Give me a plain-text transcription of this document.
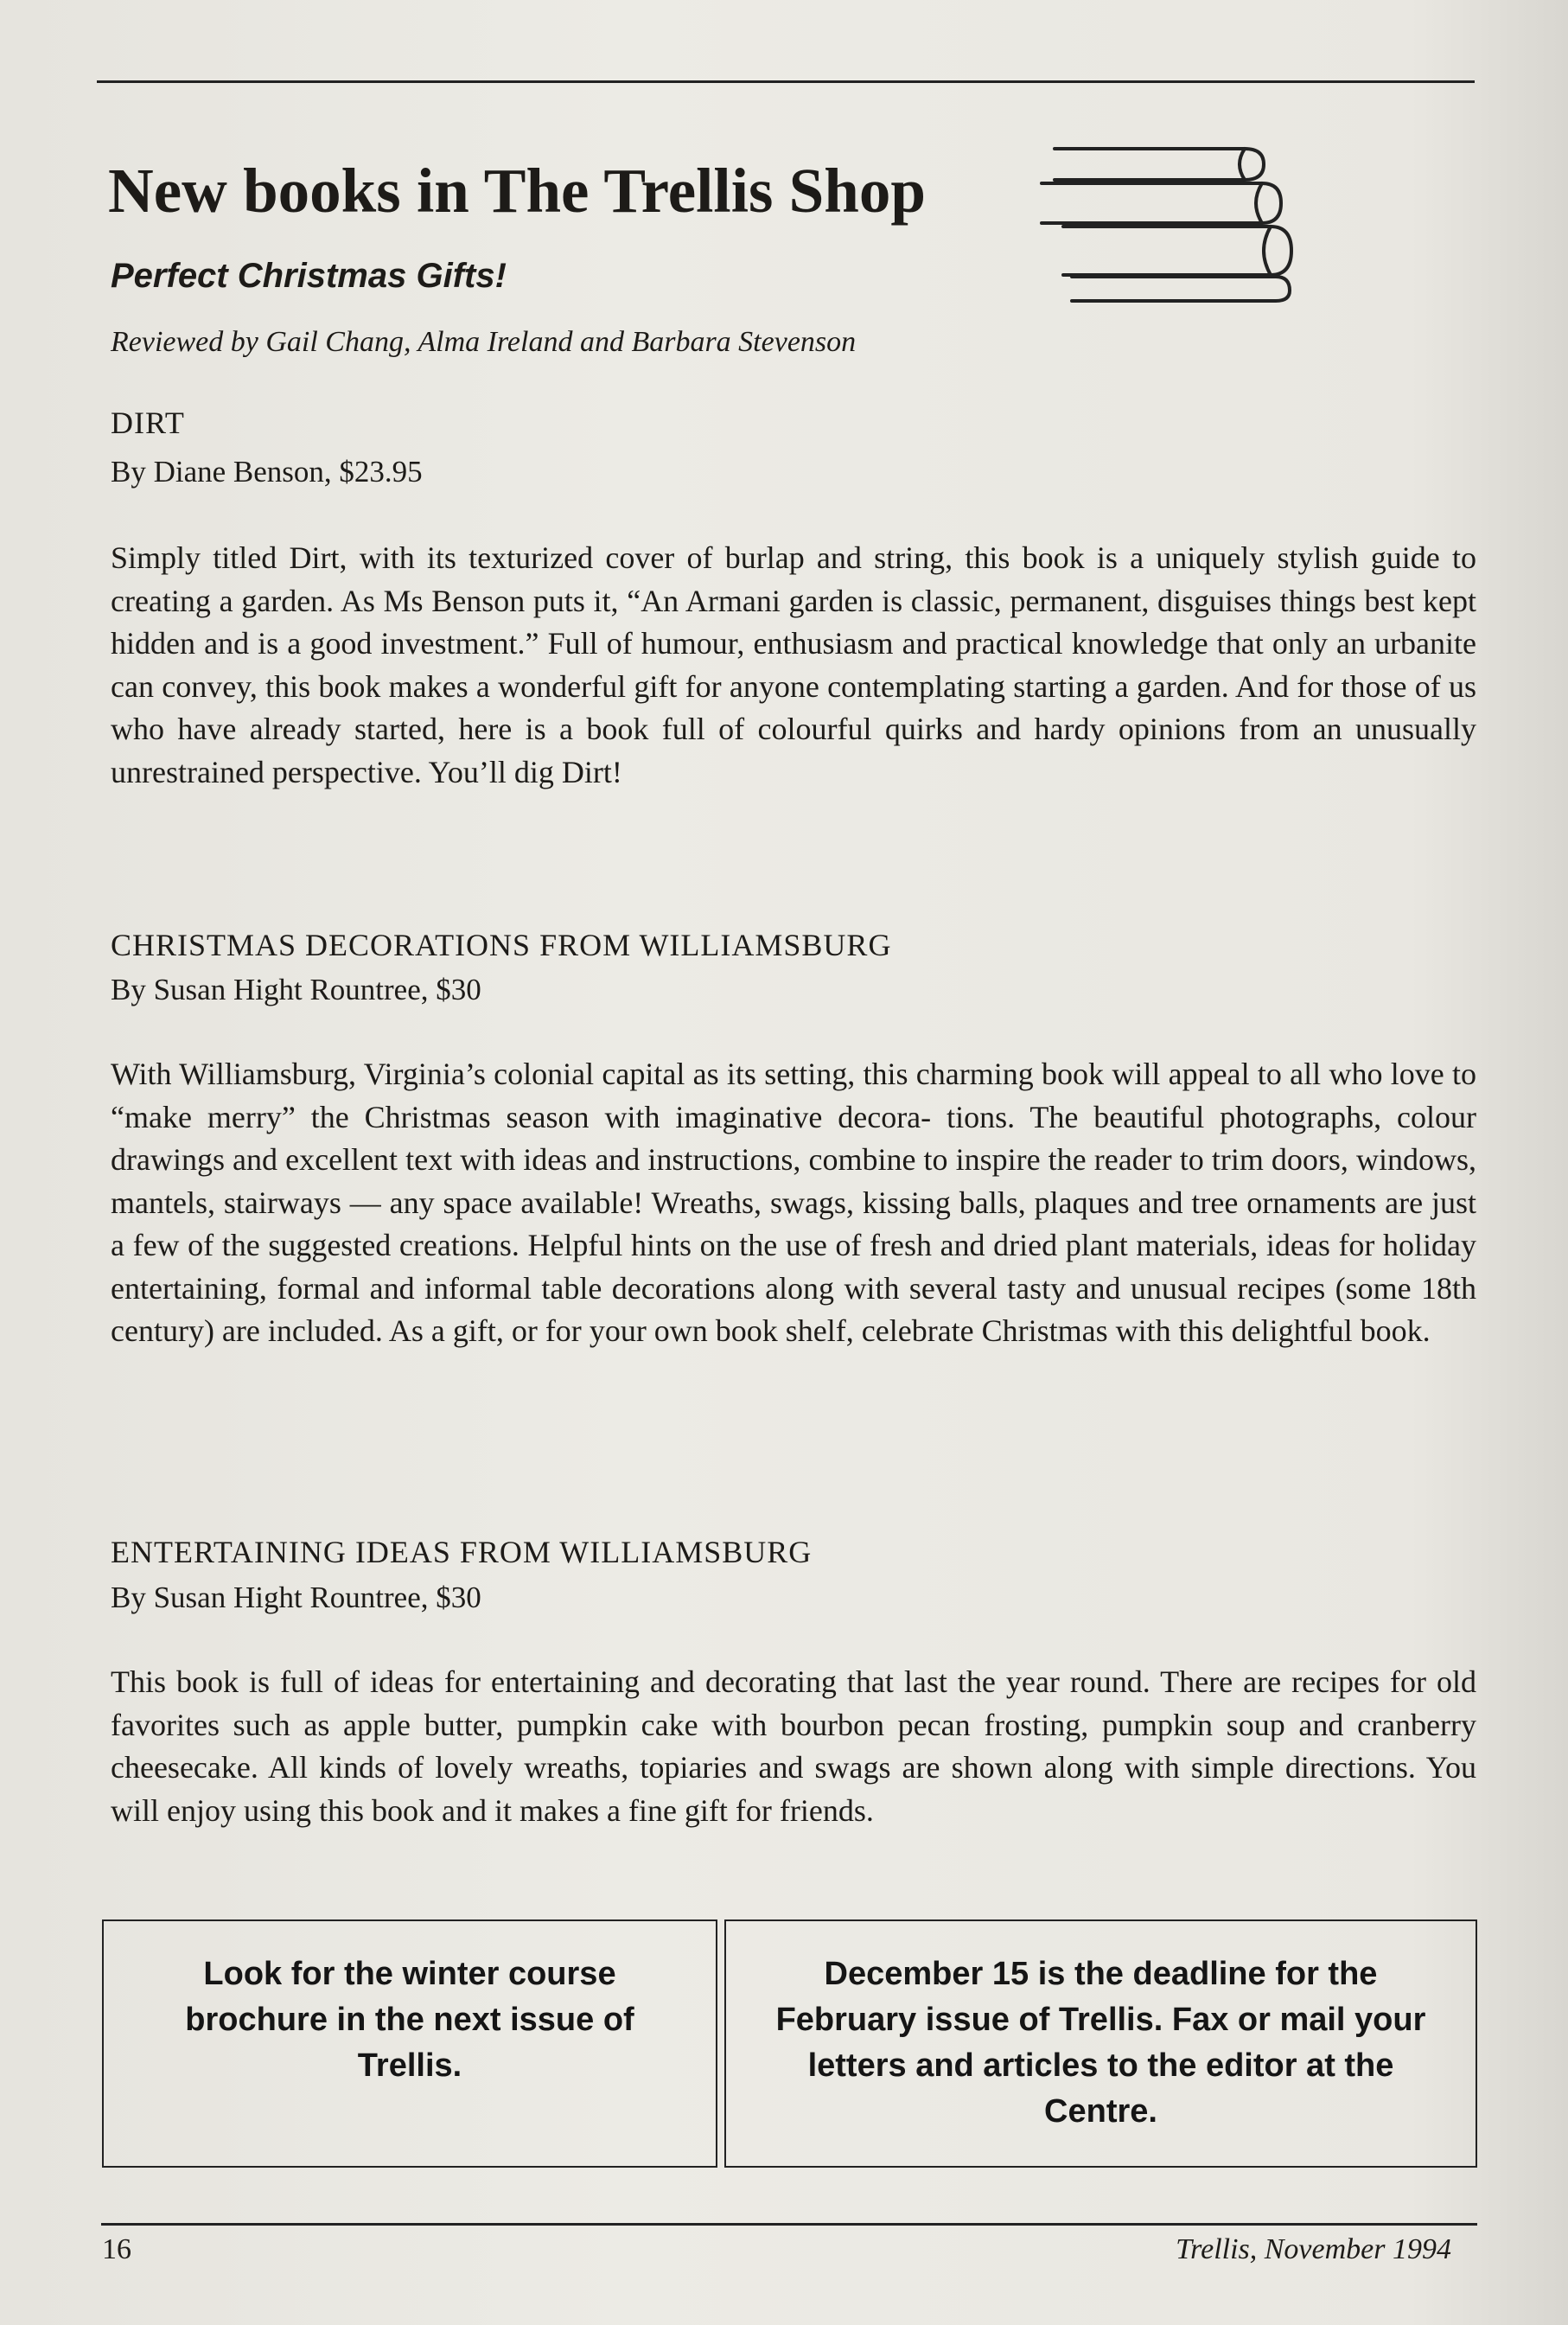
New books in The Trellis Shop
Perfect Christmas Gifts!
Reviewed by Gail Chang, Alma Ireland and Barbara Stevenson
DIRT
By Diane Benson, $23.95

Simply titled Dirt, with its texturized cover of burlap and string, this book is a uniquely stylish guide to creating a garden. As Ms Benson puts it, “An Armani garden is classic, permanent, disguises things best kept hidden and is a good investment.” Full of humour, enthusiasm and practical knowledge that only an urbanite can convey, this book makes a wonderful gift for anyone contemplating starting a garden. And for those of us who have already started, here is a book full of colourful quirks and hardy opinions from an unusually unrestrained perspective. You’ll dig Dirt!

CHRISTMAS DECORATIONS FROM WILLIAMSBURG
By Susan Hight Rountree, $30

With Williamsburg, Virginia’s colonial capital as its setting, this charming book will appeal to all who love to “make merry” the Christmas season with imaginative decora- tions. The beautiful photographs, colour drawings and excellent text with ideas and instructions, combine to inspire the reader to trim doors, windows, mantels, stairways — any space available! Wreaths, swags, kissing balls, plaques and tree ornaments are just a few of the suggested creations. Helpful hints on the use of fresh and dried plant materials, ideas for holiday entertaining, formal and informal table decorations along with several tasty and unusual recipes (some 18th century) are included. As a gift, or for your own book shelf, celebrate Christmas with this delightful book.

ENTERTAINING IDEAS FROM WILLIAMSBURG
By Susan Hight Rountree, $30

This book is full of ideas for entertaining and decorating that last the year round. There are recipes for old favorites such as apple butter, pumpkin cake with bourbon pecan frosting, pumpkin soup and cranberry cheesecake. All kinds of lovely wreaths, topiaries and swags are shown along with simple directions. You will enjoy using this book and it makes a fine gift for friends.

Look for the winter course brochure in the next issue of Trellis.
December 15 is the deadline for the February issue of Trellis. Fax or mail your letters and articles to the editor at the Centre.
16	Trellis, November 1994
